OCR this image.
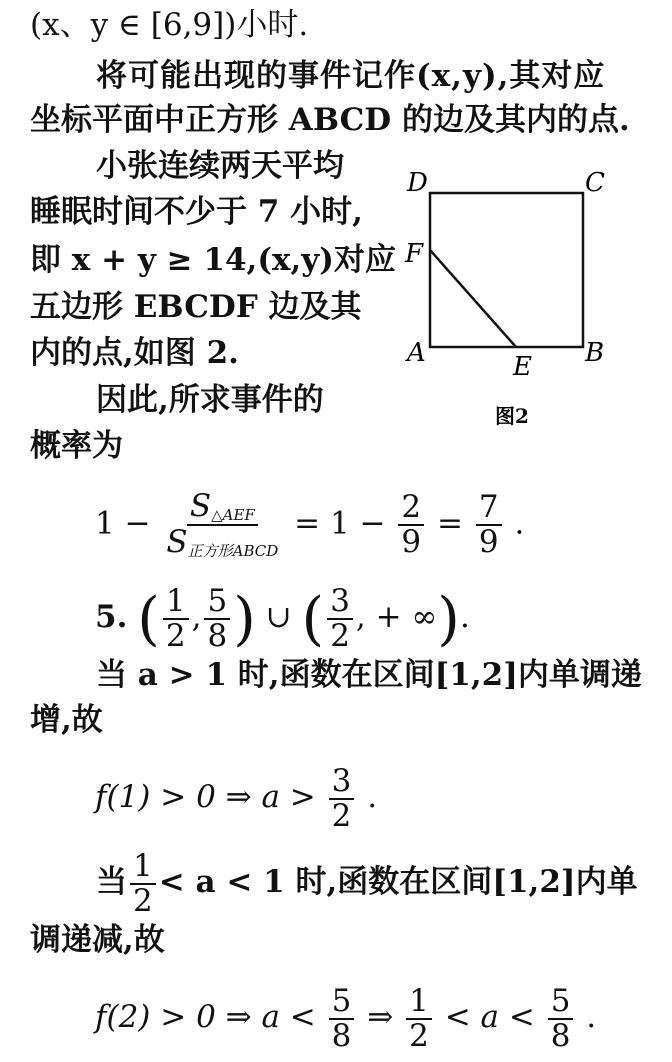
(x、y ∈ [6,9])小时.
将可能出现的事件记作(x,y),其对应
坐标平面中正方形 ABCD 的边及其内的点.
小张连续两天平均
睡眠时间不少于 7 小时,
即 x + y ≥ 14,(x,y)对应
五边形 EBCDF 边及其
内的点,如图 2.
因此,所求事件的
概率为
D	C
F
A	B
E
图2
$1 - \frac{S_{\triangle AEF}}{S_{正方形ABCD}} = 1 - \frac{2}{9} = \frac{7}{9}$ .
5. ( $\frac{1}{2}$ , $\frac{5}{8}$ ) ∪ ( $\frac{3}{2}$ , + ∞).
当 a > 1 时,函数在区间[1,2]内单调递
增,故
f(1) > 0 ⇒ $a > \frac{3}{2}$ .
当 $\frac{1}{2} < a < 1$ 时,函数在区间[1,2]内单
调递减,故
f(2) > 0 ⇒ $a < \frac{5}{8}$ ⇒ $\frac{1}{2} < a < \frac{5}{8}$ .
